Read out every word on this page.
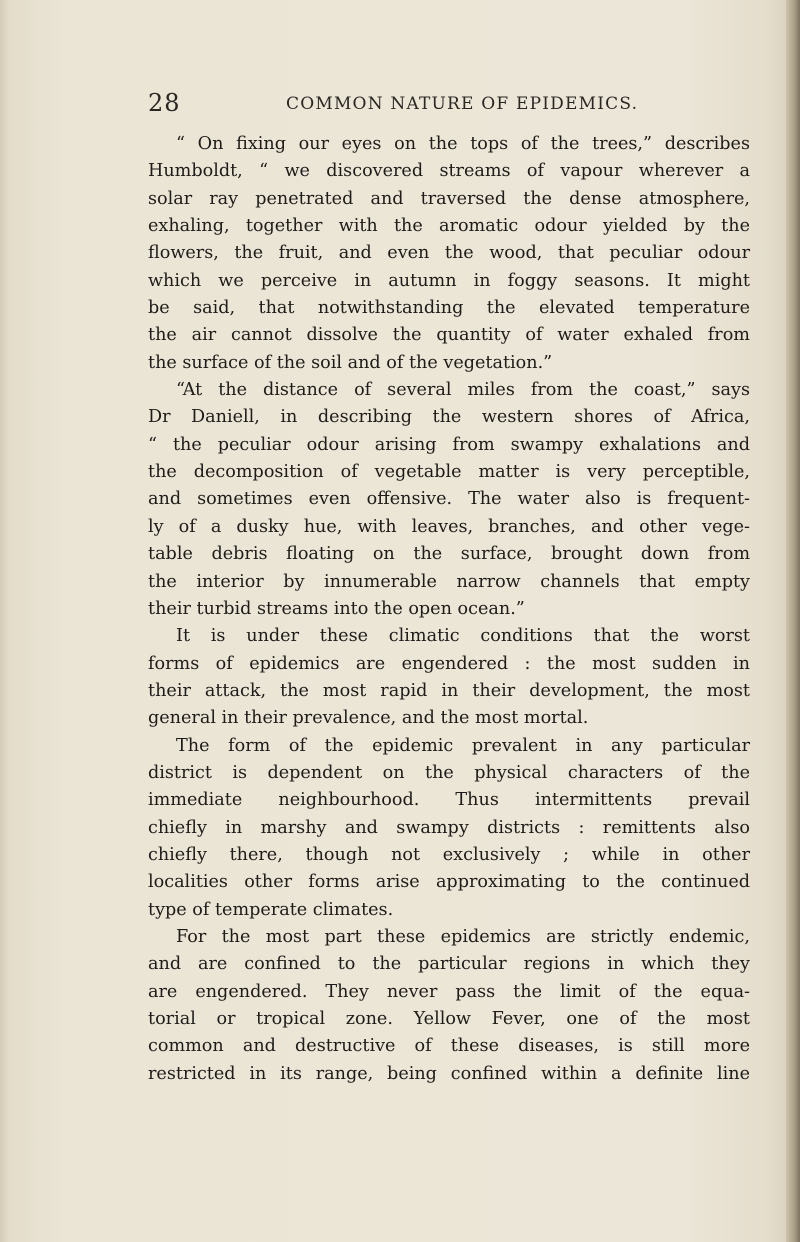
28	COMMON NATURE OF EPIDEMICS.
“ On fixing our eyes on the tops of the trees,” describes
Humboldt, “ we discovered streams of vapour wherever a
solar ray penetrated and traversed the dense atmosphere,
exhaling, together with the aromatic odour yielded by the
flowers, the fruit, and even the wood, that peculiar odour
which we perceive in autumn in foggy seasons. It might
be said, that notwithstanding the elevated temperature
the air cannot dissolve the quantity of water exhaled from
the surface of the soil and of the vegetation.”
“At the distance of several miles from the coast,” says
Dr Daniell, in describing the western shores of Africa,
“ the peculiar odour arising from swampy exhalations and
the decomposition of vegetable matter is very perceptible,
and sometimes even offensive. The water also is frequent-
ly of a dusky hue, with leaves, branches, and other vege-
table debris floating on the surface, brought down from
the interior by innumerable narrow channels that empty
their turbid streams into the open ocean.”
It is under these climatic conditions that the worst
forms of epidemics are engendered : the most sudden in
their attack, the most rapid in their development, the most
general in their prevalence, and the most mortal.
The form of the epidemic prevalent in any particular
district is dependent on the physical characters of the
immediate neighbourhood. Thus intermittents prevail
chiefly in marshy and swampy districts : remittents also
chiefly there, though not exclusively ; while in other
localities other forms arise approximating to the continued
type of temperate climates.
For the most part these epidemics are strictly endemic,
and are confined to the particular regions in which they
are engendered. They never pass the limit of the equa-
torial or tropical zone. Yellow Fever, one of the most
common and destructive of these diseases, is still more
restricted in its range, being confined within a definite line
